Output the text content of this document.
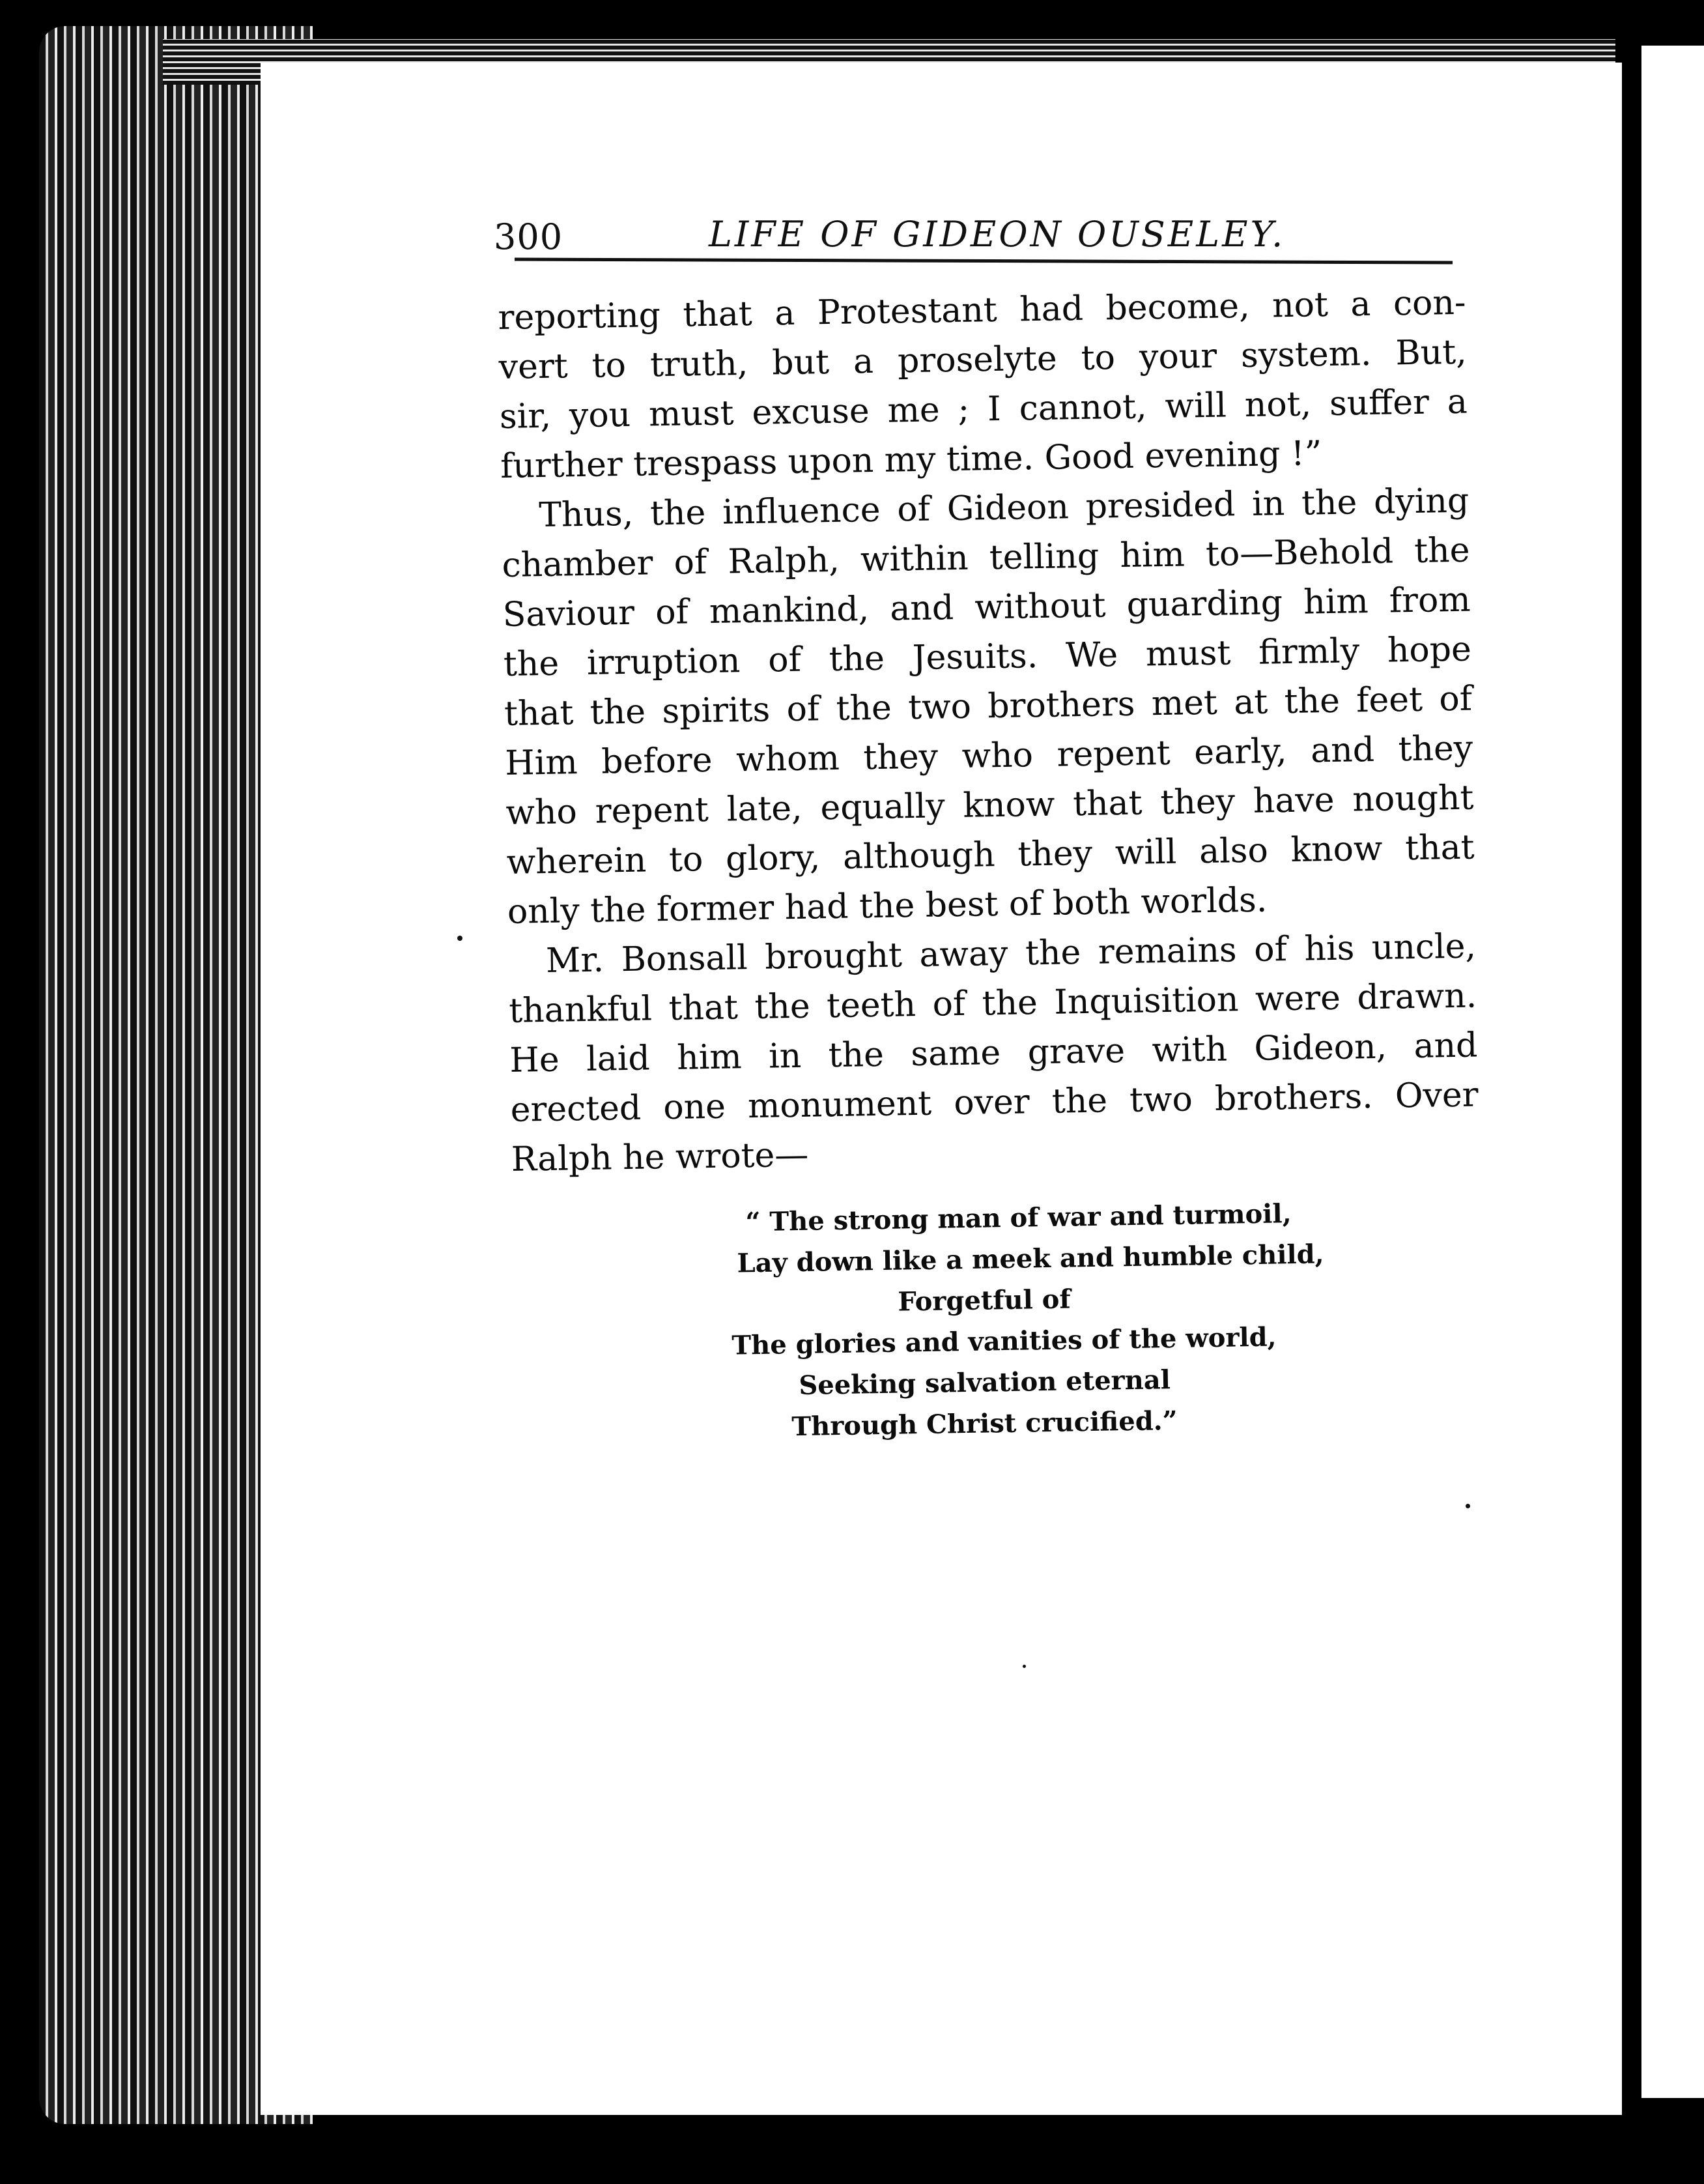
300	LIFE OF GIDEON OUSELEY.
reporting that a Protestant had become, not a con-
vert to truth, but a proselyte to your system. But,
sir, you must excuse me ; I cannot, will not, suffer a
further trespass upon my time. Good evening !”
Thus, the influence of Gideon presided in the dying
chamber of Ralph, within telling him to—Behold the
Saviour of mankind, and without guarding him from
the irruption of the Jesuits. We must firmly hope
that the spirits of the two brothers met at the feet of
Him before whom they who repent early, and they
who repent late, equally know that they have nought
wherein to glory, although they will also know that
only the former had the best of both worlds.
Mr. Bonsall brought away the remains of his uncle,
thankful that the teeth of the Inquisition were drawn.
He laid him in the same grave with Gideon, and
erected one monument over the two brothers. Over
Ralph he wrote—
“ The strong man of war and turmoil,
Lay down like a meek and humble child,
Forgetful of
The glories and vanities of the world,
Seeking salvation eternal
Through Christ crucified.”
